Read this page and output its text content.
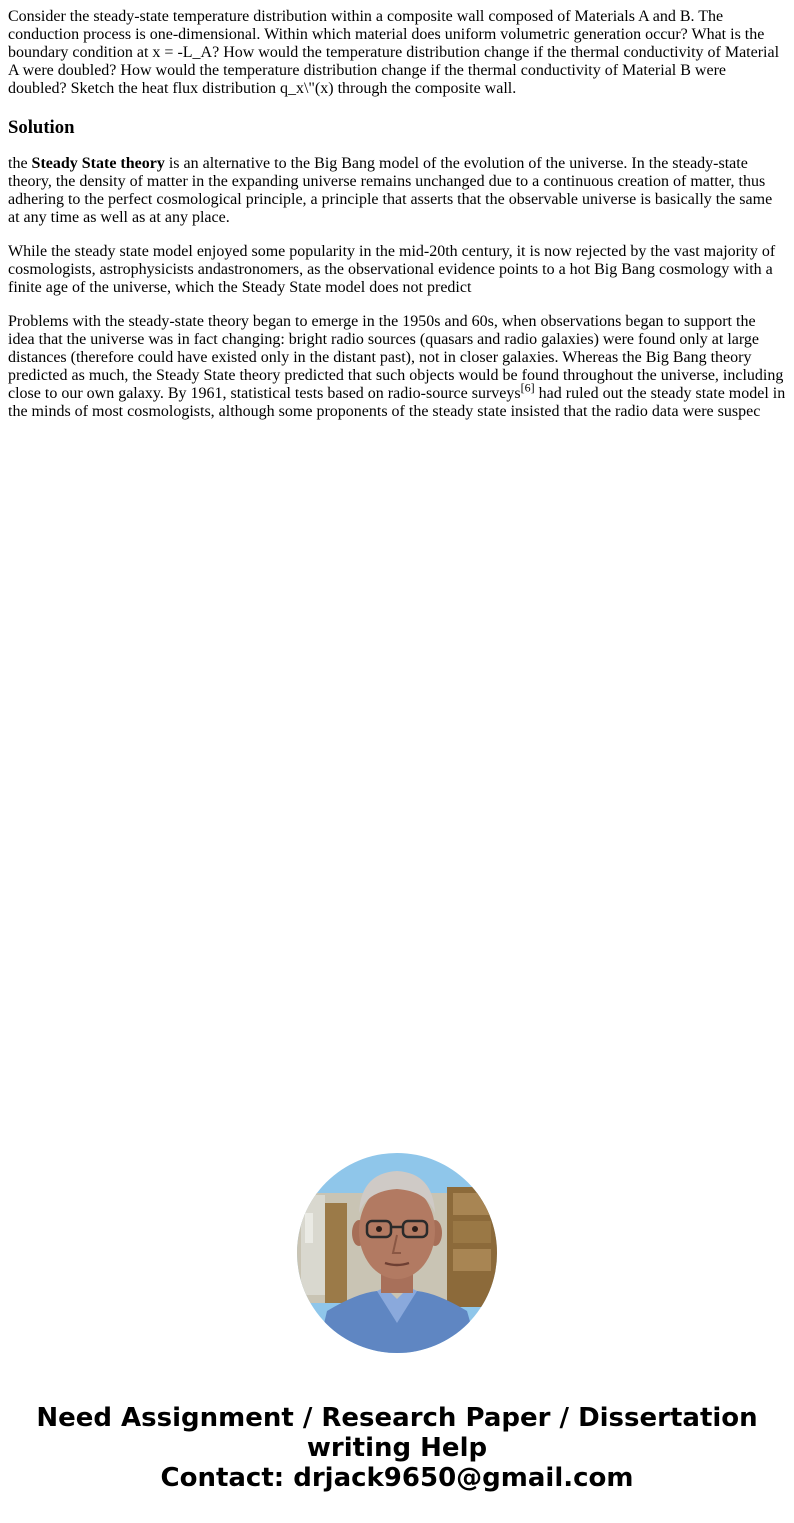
Consider the steady-state temperature distribution within a composite wall composed of Materials A and B. The conduction process is one-dimensional. Within which material does uniform volumetric generation occur? What is the boundary condition at x = -L_A? How would the temperature distribution change if the thermal conductivity of Material A were doubled? How would the temperature distribution change if the thermal conductivity of Material B were doubled? Sketch the heat flux distribution q_x\"(x) through the composite wall.

Solution

the Steady State theory is an alternative to the Big Bang model of the evolution of the universe. In the steady-state theory, the density of matter in the expanding universe remains unchanged due to a continuous creation of matter, thus adhering to the perfect cosmological principle, a principle that asserts that the observable universe is basically the same at any time as well as at any place.

While the steady state model enjoyed some popularity in the mid-20th century, it is now rejected by the vast majority of cosmologists, astrophysicists andastronomers, as the observational evidence points to a hot Big Bang cosmology with a finite age of the universe, which the Steady State model does not predict

Problems with the steady-state theory began to emerge in the 1950s and 60s, when observations began to support the idea that the universe was in fact changing: bright radio sources (quasars and radio galaxies) were found only at large distances (therefore could have existed only in the distant past), not in closer galaxies. Whereas the Big Bang theory predicted as much, the Steady State theory predicted that such objects would be found throughout the universe, including close to our own galaxy. By 1961, statistical tests based on radio-source surveys[6] had ruled out the steady state model in the minds of most cosmologists, although some proponents of the steady state insisted that the radio data were suspec

Need Assignment / Research Paper / Dissertation
writing Help
Contact: drjack9650@gmail.com
